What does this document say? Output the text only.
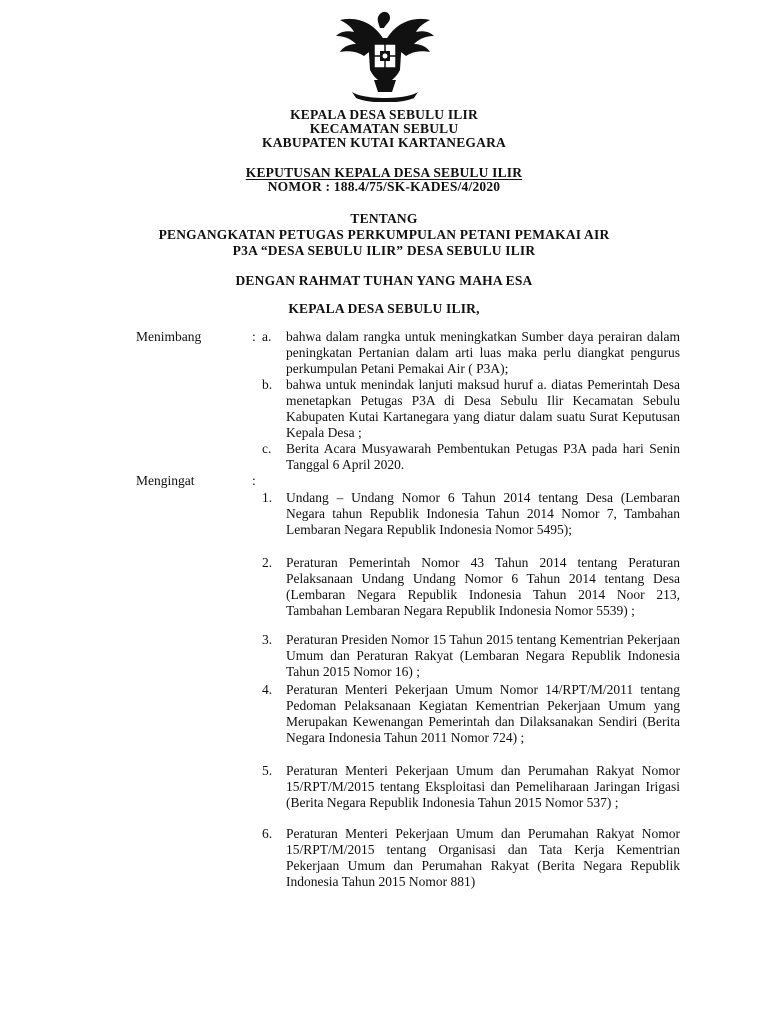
KEPALA DESA SEBULU ILIR
KECAMATAN SEBULU
KABUPATEN KUTAI KARTANEGARA
KEPUTUSAN KEPALA DESA SEBULU ILIR
NOMOR : 188.4/75/SK-KADES/4/2020
TENTANG
PENGANGKATAN PETUGAS PERKUMPULAN PETANI PEMAKAI AIR
P3A “DESA SEBULU ILIR” DESA SEBULU ILIR
DENGAN RAHMAT TUHAN YANG MAHA ESA
KEPALA DESA SEBULU ILIR,
Menimbang	: a.	bahwa dalam rangka untuk meningkatkan Sumber daya perairan dalam peningkatan Pertanian dalam arti luas maka perlu diangkat pengurus perkumpulan Petani Pemakai Air ( P3A);
b.	bahwa untuk menindak lanjuti maksud huruf a. diatas Pemerintah Desa menetapkan Petugas P3A di Desa Sebulu Ilir Kecamatan Sebulu Kabupaten Kutai Kartanegara yang diatur dalam suatu Surat Keputusan Kepala Desa ;
c.	Berita Acara Musyawarah Pembentukan Petugas P3A pada hari Senin Tanggal 6 April 2020.
Mengingat	:
1.	Undang – Undang Nomor 6 Tahun 2014 tentang Desa (Lembaran Negara tahun Republik Indonesia Tahun 2014 Nomor 7, Tambahan Lembaran Negara Republik Indonesia Nomor 5495);
2.	Peraturan Pemerintah Nomor 43 Tahun 2014 tentang Peraturan Pelaksanaan Undang Undang Nomor 6 Tahun 2014 tentang Desa (Lembaran Negara Republik Indonesia Tahun 2014 Noor 213, Tambahan Lembaran Negara Republik Indonesia Nomor 5539) ;
3.	Peraturan Presiden Nomor 15 Tahun 2015 tentang Kementrian Pekerjaan Umum dan Peraturan Rakyat (Lembaran Negara Republik Indonesia Tahun 2015 Nomor 16) ;
4.	Peraturan Menteri Pekerjaan Umum Nomor 14/RPT/M/2011 tentang Pedoman Pelaksanaan Kegiatan Kementrian Pekerjaan Umum yang Merupakan Kewenangan Pemerintah dan Dilaksanakan Sendiri (Berita Negara Indonesia Tahun 2011 Nomor 724) ;
5.	Peraturan Menteri Pekerjaan Umum dan Perumahan Rakyat Nomor 15/RPT/M/2015 tentang Eksploitasi dan Pemeliharaan Jaringan Irigasi (Berita Negara Republik Indonesia Tahun 2015 Nomor 537) ;
6.	Peraturan Menteri Pekerjaan Umum dan Perumahan Rakyat Nomor 15/RPT/M/2015 tentang Organisasi dan Tata Kerja Kementrian Pekerjaan Umum dan Perumahan Rakyat (Berita Negara Republik Indonesia Tahun 2015 Nomor 881)
